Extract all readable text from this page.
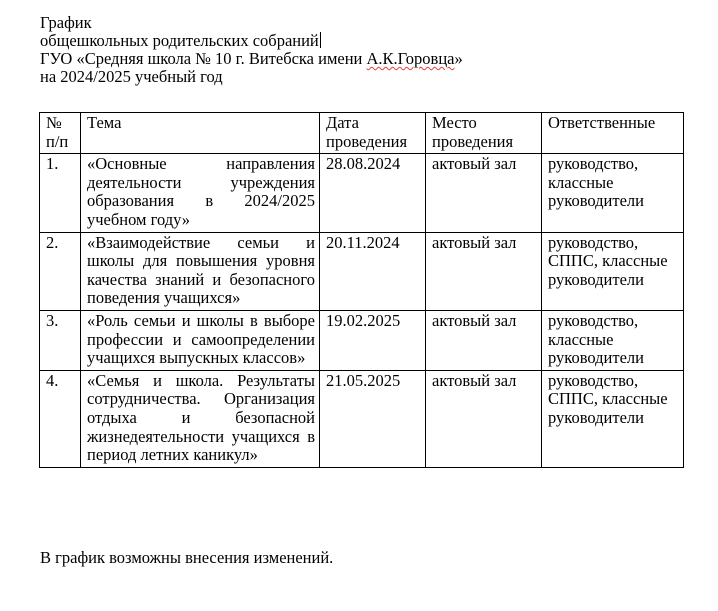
График
общешкольных родительских собраний
ГУО «Средняя школа № 10 г. Витебска имени А.К.Горовца»
на 2024/2025 учебный год
№ п/п	Тема	Дата проведения	Место проведения	Ответственные
1.	«Основные направления деятельности учреждения образования в 2024/2025 учебном году»	28.08.2024	актовый зал	руководство, классные руководители
2.	«Взаимодействие семьи и школы для повышения уровня качества знаний и безопасного поведения учащихся»	20.11.2024	актовый зал	руководство, СППС, классные руководители
3.	«Роль семьи и школы в выборе профессии и самоопределении учащихся выпускных классов»	19.02.2025	актовый зал	руководство, классные руководители
4.	«Семья и школа. Результаты сотрудничества. Организация отдыха и безопасной жизнедеятельности учащихся в период летних каникул»	21.05.2025	актовый зал	руководство, СППС, классные руководители
В график возможны внесения изменений.
